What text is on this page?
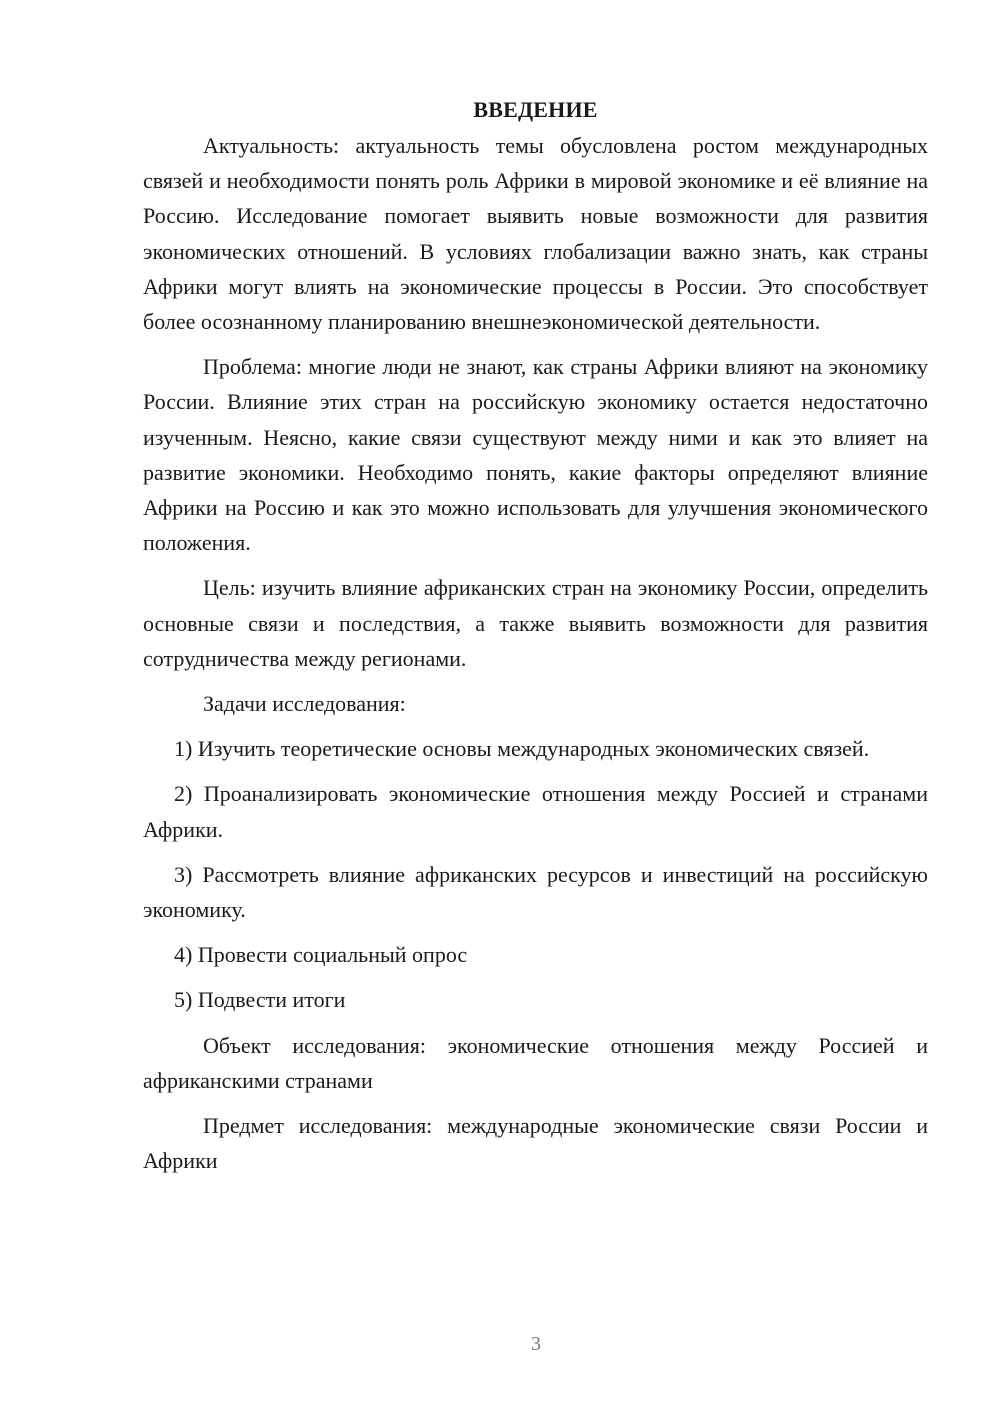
ВВЕДЕНИЕ

Актуальность: актуальность темы обусловлена ростом международных связей и необходимости понять роль Африки в мировой экономике и её влияние на Россию. Исследование помогает выявить новые возможности для развития экономических отношений. В условиях глобализации важно знать, как страны Африки могут влиять на экономические процессы в России. Это способствует более осознанному планированию внешнеэкономической деятельности.

Проблема: многие люди не знают, как страны Африки влияют на экономику России. Влияние этих стран на российскую экономику остается недостаточно изученным. Неясно, какие связи существуют между ними и как это влияет на развитие экономики. Необходимо понять, какие факторы определяют влияние Африки на Россию и как это можно использовать для улучшения экономического положения.

Цель: изучить влияние африканских стран на экономику России, определить основные связи и последствия, а также выявить возможности для развития сотрудничества между регионами.

Задачи исследования:

1) Изучить теоретические основы международных экономических связей.

2) Проанализировать экономические отношения между Россией и странами Африки.

3) Рассмотреть влияние африканских ресурсов и инвестиций на российскую экономику.

4) Провести социальный опрос

5) Подвести итоги

Объект исследования: экономические отношения между Россией и африканскими странами

Предмет исследования: международные экономические связи России и Африки

3
